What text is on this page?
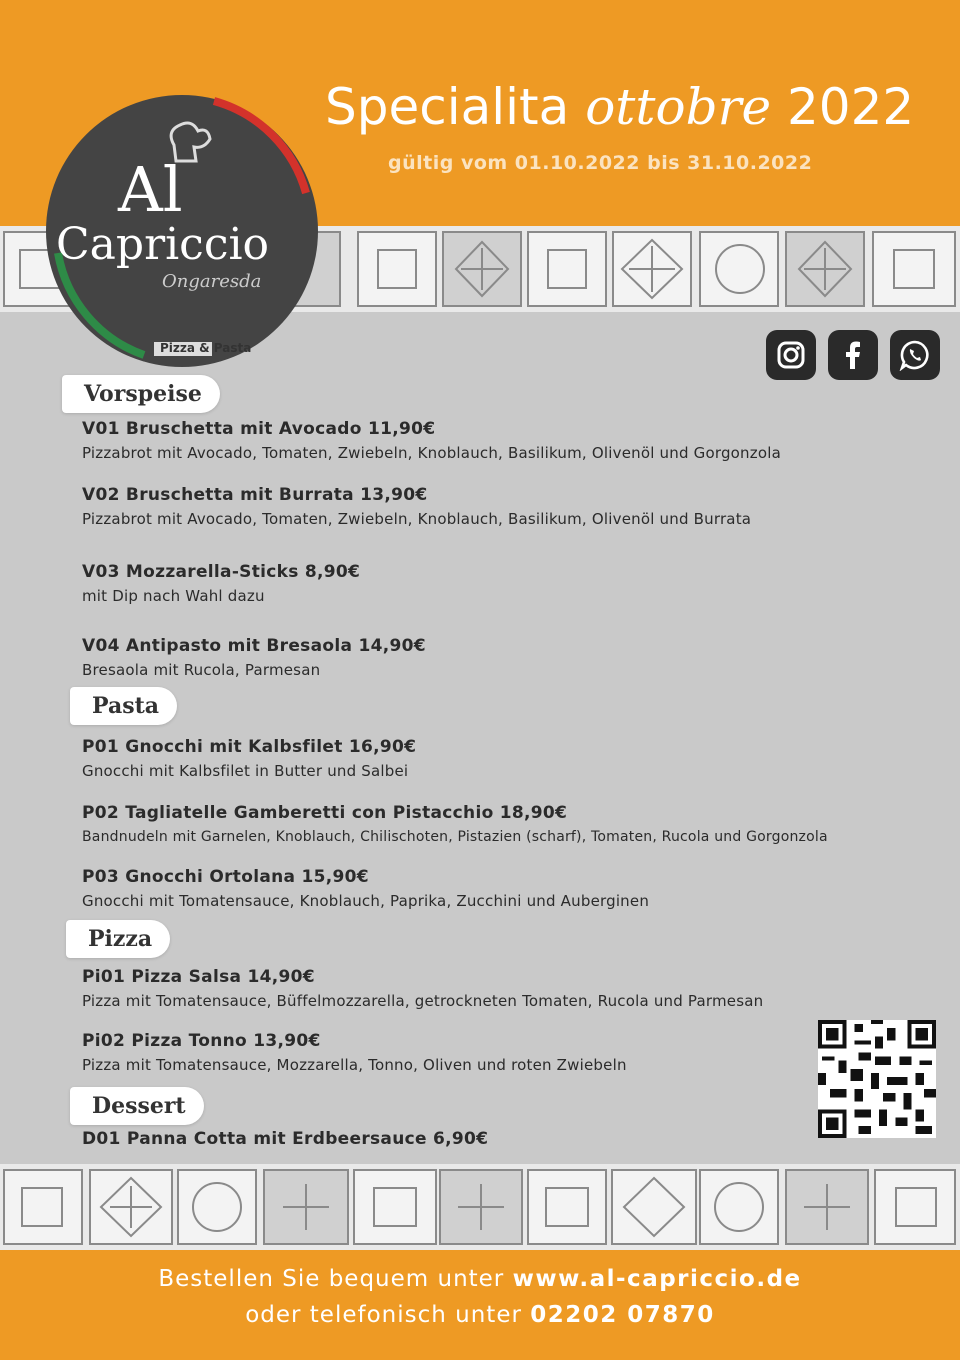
Specialita ottobre 2022
gültig vom 01.10.2022 bis 31.10.2022
Al
Capriccio
Ongaresda
Pizza & Pasta
Vorspeise
V01 Bruschetta mit Avocado 11,90€
Pizzabrot mit Avocado, Tomaten, Zwiebeln, Knoblauch, Basilikum, Olivenöl und Gorgonzola
V02 Bruschetta mit Burrata 13,90€
Pizzabrot mit Avocado, Tomaten, Zwiebeln, Knoblauch, Basilikum, Olivenöl und Burrata
V03 Mozzarella-Sticks 8,90€
mit Dip nach Wahl dazu
V04 Antipasto mit Bresaola 14,90€
Bresaola mit Rucola, Parmesan
Pasta
P01 Gnocchi mit Kalbsfilet 16,90€
Gnocchi mit Kalbsfilet in Butter und Salbei
P02 Tagliatelle Gamberetti con Pistacchio 18,90€
Bandnudeln mit Garnelen, Knoblauch, Chilischoten, Pistazien (scharf), Tomaten, Rucola und Gorgonzola
P03 Gnocchi Ortolana 15,90€
Gnocchi mit Tomatensauce, Knoblauch, Paprika, Zucchini und Auberginen
Pizza
Pi01 Pizza Salsa 14,90€
Pizza mit Tomatensauce, Büffelmozzarella, getrockneten Tomaten, Rucola und Parmesan
Pi02 Pizza Tonno 13,90€
Pizza mit Tomatensauce, Mozzarella, Tonno, Oliven und roten Zwiebeln
Dessert
D01 Panna Cotta mit Erdbeersauce 6,90€
Bestellen Sie bequem unter www.al-capriccio.de
oder telefonisch unter 02202 07870
